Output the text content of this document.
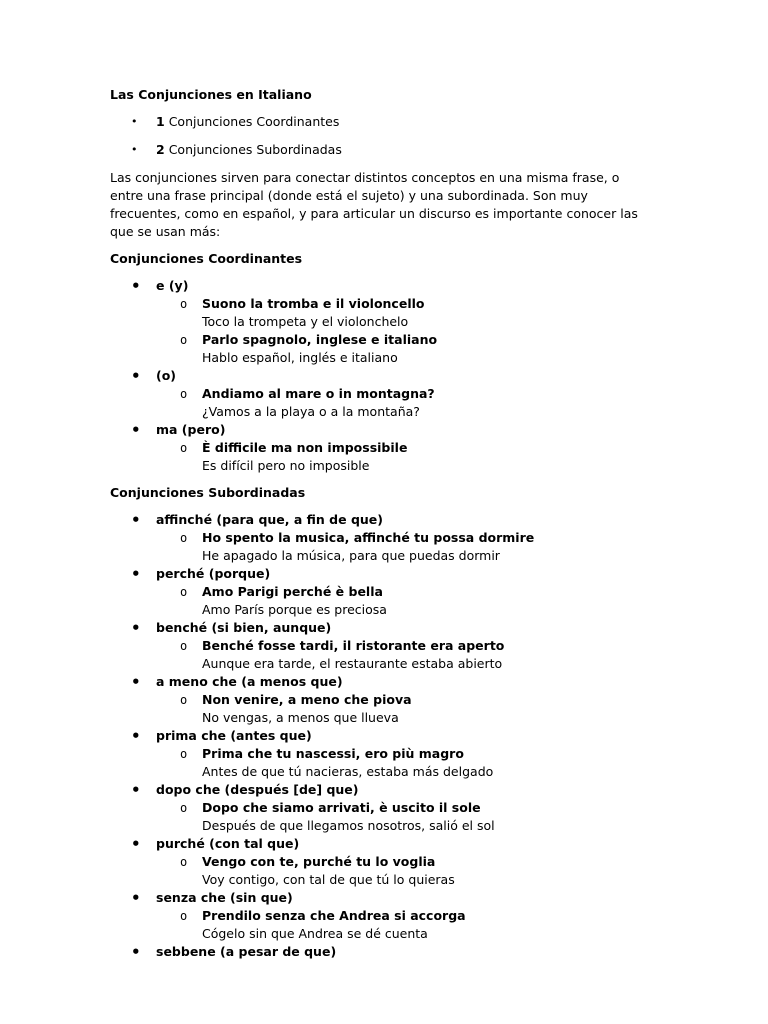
Las Conjunciones en Italiano
• 1 Conjunciones Coordinantes
• 2 Conjunciones Subordinadas

Las conjunciones sirven para conectar distintos conceptos en una misma frase, o entre una frase principal (donde está el sujeto) y una subordinada. Son muy frecuentes, como en español, y para articular un discurso es importante conocer las que se usan más:

Conjunciones Coordinantes
• e (y)
o Suono la tromba e il violoncello
Toco la trompeta y el violonchelo
o Parlo spagnolo, inglese e italiano
Hablo español, inglés e italiano
• (o)
o Andiamo al mare o in montagna?
¿Vamos a la playa o a la montaña?
• ma (pero)
o È difficile ma non impossibile
Es difícil pero no imposible
Conjunciones Subordinadas
• affinché (para que, a fin de que)
o Ho spento la musica, affinché tu possa dormire
He apagado la música, para que puedas dormir
• perché (porque)
o Amo Parigi perché è bella
Amo París porque es preciosa
• benché (si bien, aunque)
o Benché fosse tardi, il ristorante era aperto
Aunque era tarde, el restaurante estaba abierto
• a meno che (a menos que)
o Non venire, a meno che piova
No vengas, a menos que llueva
• prima che (antes que)
o Prima che tu nascessi, ero più magro
Antes de que tú nacieras, estaba más delgado
• dopo che (después [de] que)
o Dopo che siamo arrivati, è uscito il sole
Después de que llegamos nosotros, salió el sol
• purché (con tal que)
o Vengo con te, purché tu lo voglia
Voy contigo, con tal de que tú lo quieras
• senza che (sin que)
o Prendilo senza che Andrea si accorga
Cógelo sin que Andrea se dé cuenta
• sebbene (a pesar de que)
